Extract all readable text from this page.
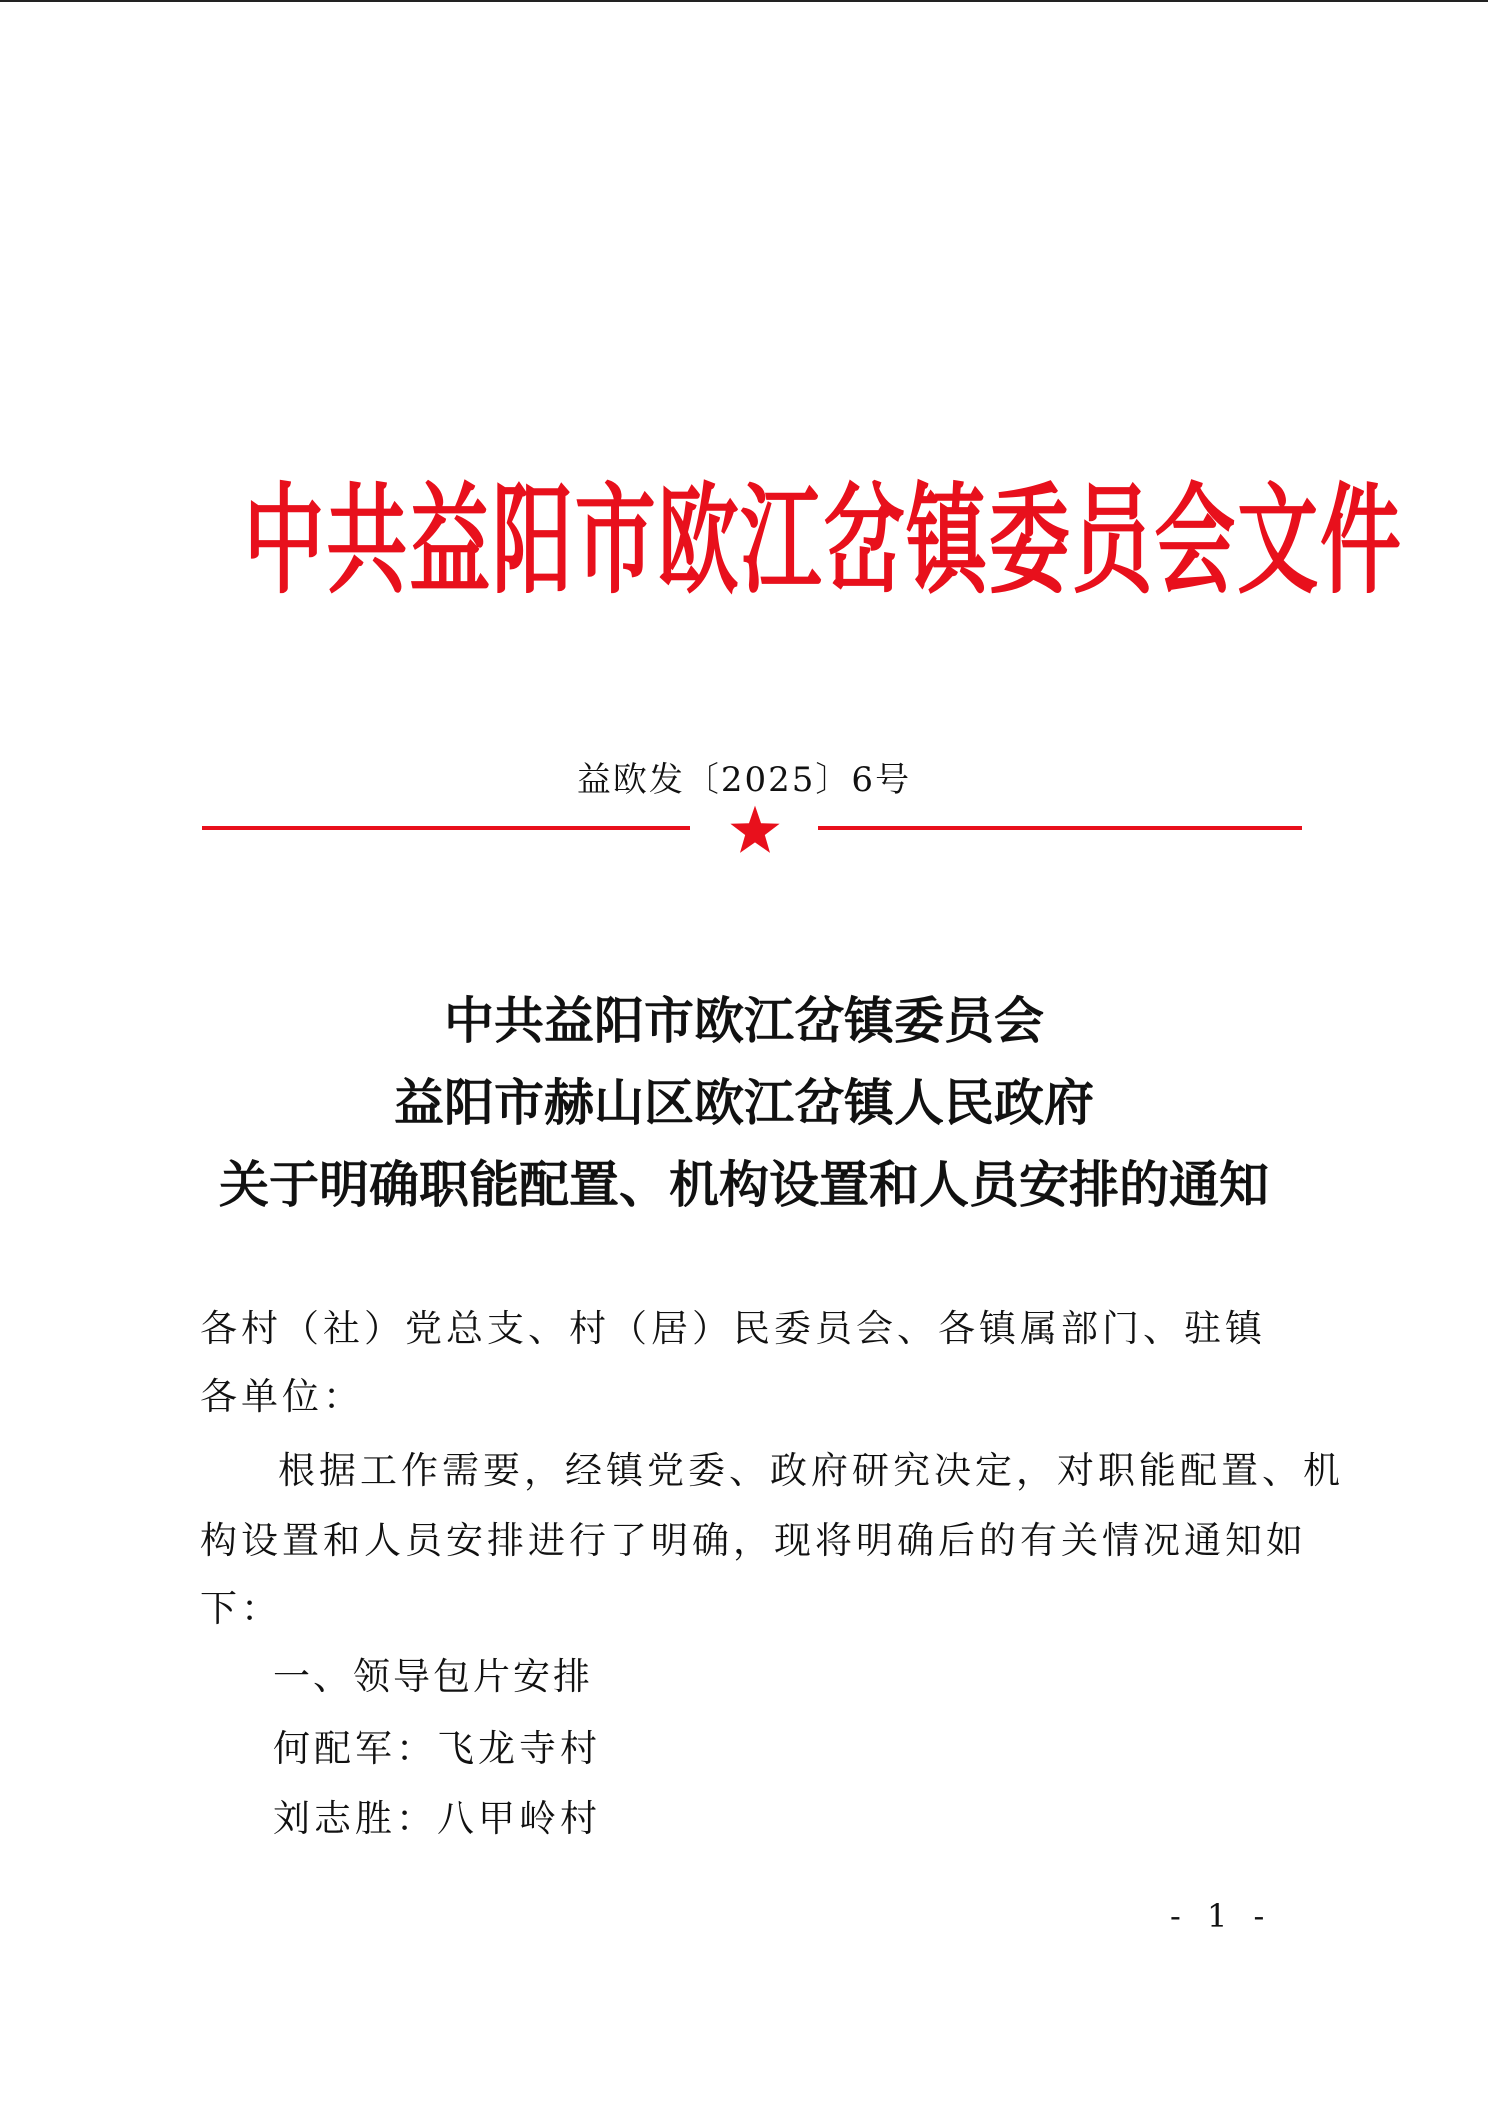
中共益阳市欧江岔镇委员会文件
益欧发〔2025〕6号
中共益阳市欧江岔镇委员会
益阳市赫山区欧江岔镇人民政府
关于明确职能配置、机构设置和人员安排的通知
各村（社）党总支、村（居）民委员会、各镇属部门、驻镇
各单位：
根据工作需要，经镇党委、政府研究决定，对职能配置、机
构设置和人员安排进行了明确，现将明确后的有关情况通知如
下：
一、领导包片安排
何配军：飞龙寺村
刘志胜：八甲岭村
- 1 -
